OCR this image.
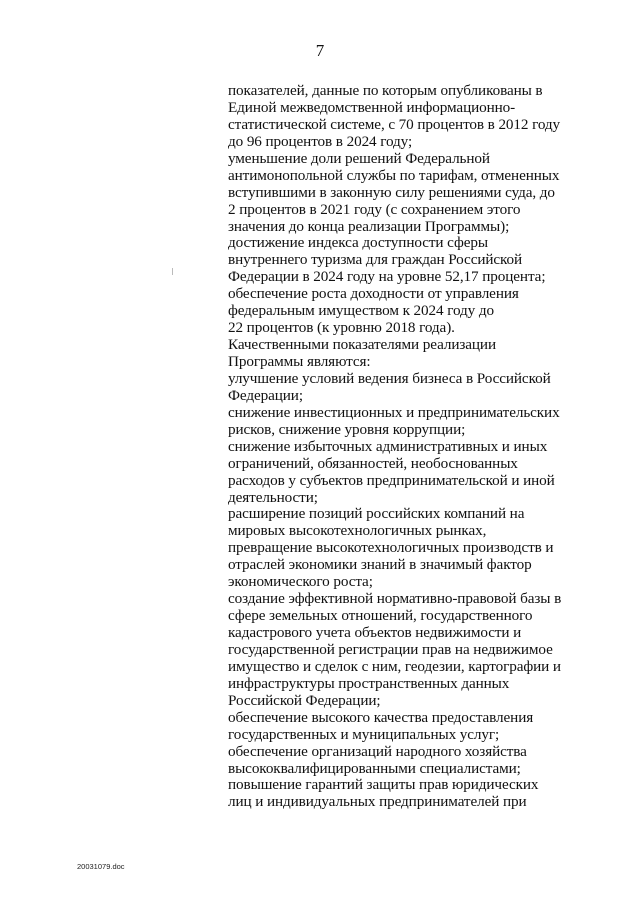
7
показателей, данные по которым опубликованы в
Единой межведомственной информационно-
статистической системе, с 70 процентов в 2012 году
до 96 процентов в 2024 году;
уменьшение доли решений Федеральной
антимонопольной службы по тарифам, отмененных
вступившими в законную силу решениями суда, до
2 процентов в 2021 году (с сохранением этого
значения до конца реализации Программы);
достижение индекса доступности сферы
внутреннего туризма для граждан Российской
Федерации в 2024 году на уровне 52,17 процента;
обеспечение роста доходности от управления
федеральным имуществом к 2024 году до
22 процентов (к уровню 2018 года).
Качественными показателями реализации
Программы являются:
улучшение условий ведения бизнеса в Российской
Федерации;
снижение инвестиционных и предпринимательских
рисков, снижение уровня коррупции;
снижение избыточных административных и иных
ограничений, обязанностей, необоснованных
расходов у субъектов предпринимательской и иной
деятельности;
расширение позиций российских компаний на
мировых высокотехнологичных рынках,
превращение высокотехнологичных производств и
отраслей экономики знаний в значимый фактор
экономического роста;
создание эффективной нормативно-правовой базы в
сфере земельных отношений, государственного
кадастрового учета объектов недвижимости и
государственной регистрации прав на недвижимое
имущество и сделок с ним, геодезии, картографии и
инфраструктуры пространственных данных
Российской Федерации;
обеспечение высокого качества предоставления
государственных и муниципальных услуг;
обеспечение организаций народного хозяйства
высококвалифицированными специалистами;
повышение гарантий защиты прав юридических
лиц и индивидуальных предпринимателей при
20031079.doc
